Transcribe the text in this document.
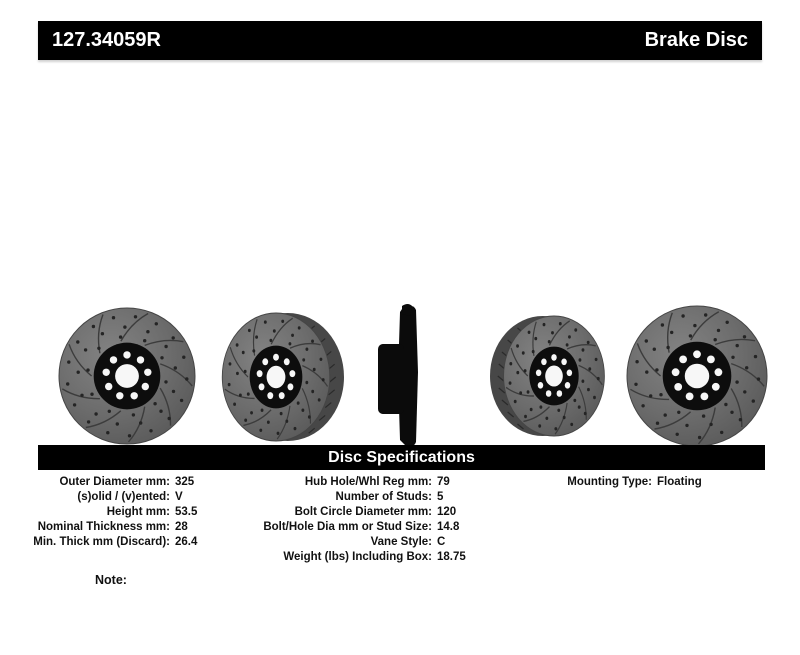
127.34059R	Brake Disc
Disc Specifications
Outer Diameter mm: 325
(s)olid / (v)ented: V
Height mm: 53.5
Nominal Thickness mm: 28
Min. Thick mm (Discard): 26.4
Hub Hole/Whl Reg mm: 79
Number of Studs: 5
Bolt Circle Diameter mm: 120
Bolt/Hole Dia mm or Stud Size: 14.8
Vane Style: C
Weight (lbs) Including Box: 18.75
Mounting Type: Floating
Note:
